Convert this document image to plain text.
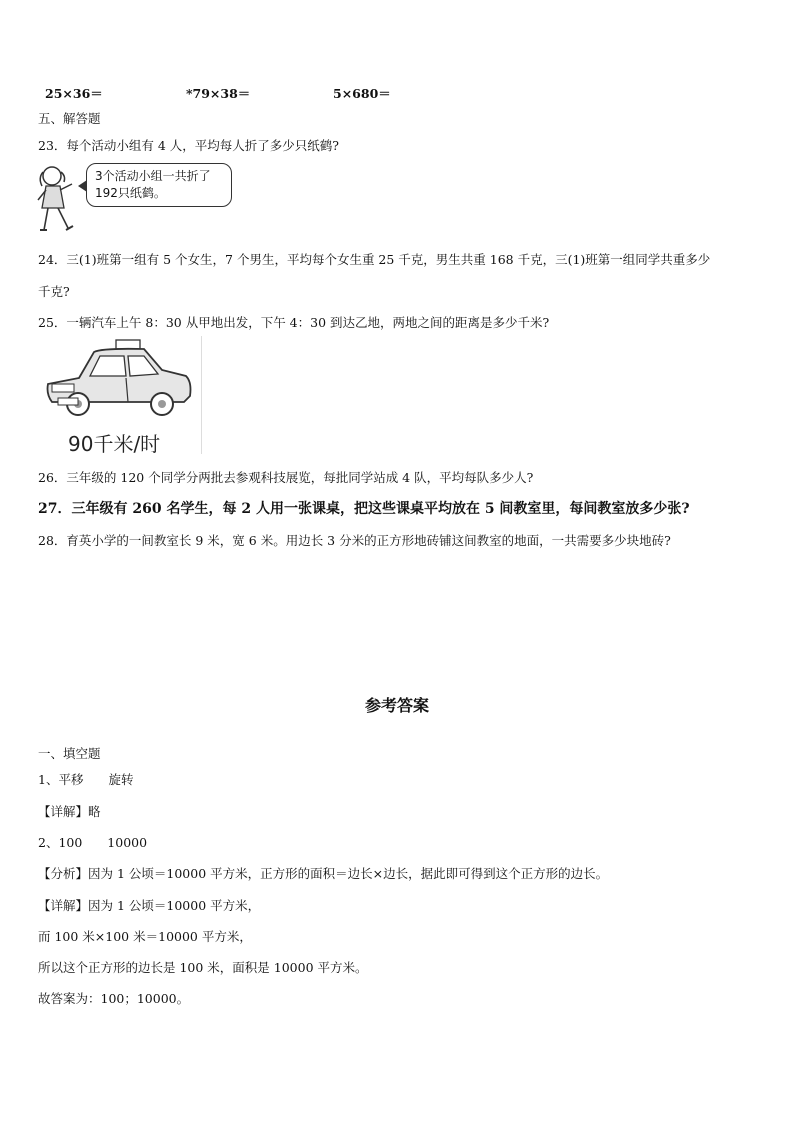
25×36＝	*79×38＝	5×680＝
五、解答题
23．每个活动小组有 4 人，平均每人折了多少只纸鹤?
3个活动小组一共折了192只纸鹤。
24．三(1)班第一组有 5 个女生，7 个男生，平均每个女生重 25 千克，男生共重 168 千克，三(1)班第一组同学共重多少
千克?
25．一辆汽车上午 8：30 从甲地出发，下午 4：30 到达乙地，两地之间的距离是多少千米?
90千米/时
26．三年级的 120 个同学分两批去参观科技展览，每批同学站成 4 队，平均每队多少人?
27．三年级有 260 名学生，每 2 人用一张课桌，把这些课桌平均放在 5 间教室里，每间教室放多少张?
28．育英小学的一间教室长 9 米，宽 6 米。用边长 3 分米的正方形地砖铺这间教室的地面，一共需要多少块地砖?
参考答案
一、填空题
1、平移　　旋转
【详解】略
2、100　　10000
【分析】因为 1 公顷＝10000 平方米，正方形的面积＝边长×边长，据此即可得到这个正方形的边长。
【详解】因为 1 公顷＝10000 平方米，
而 100 米×100 米＝10000 平方米，
所以这个正方形的边长是 100 米，面积是 10000 平方米。
故答案为：100；10000。
